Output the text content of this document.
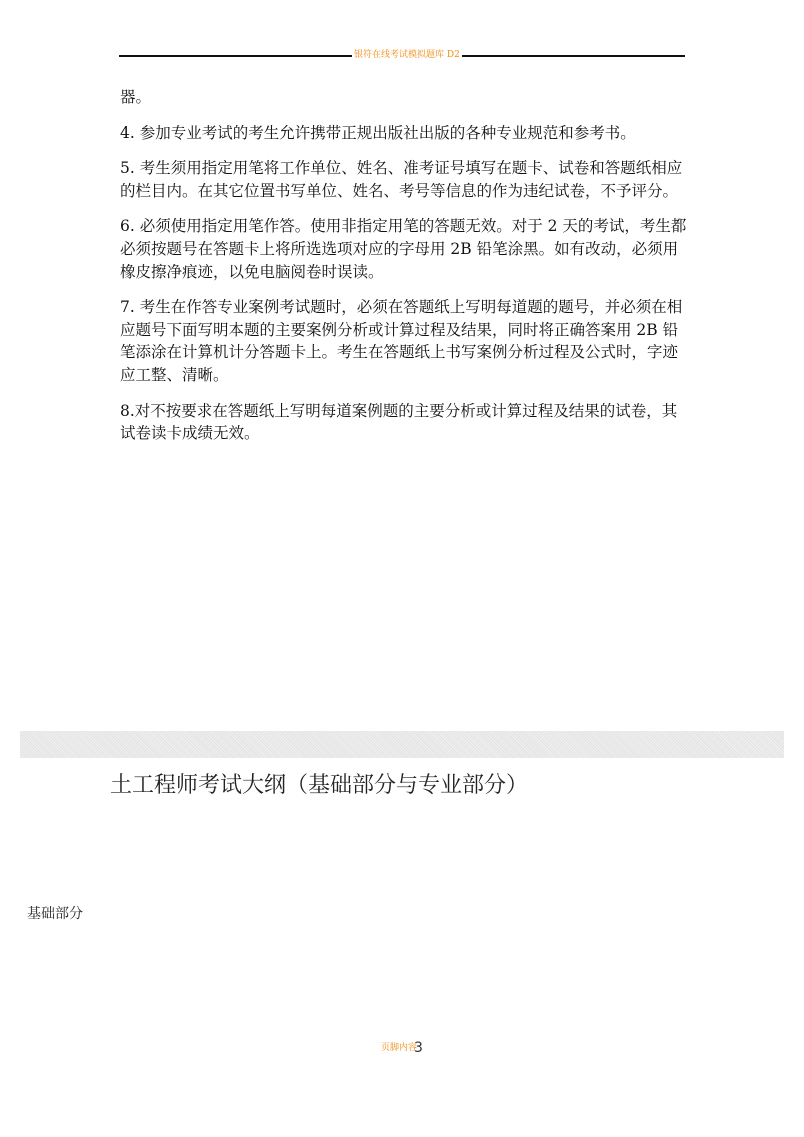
银符在线考试模拟题库 D2

器。

4. 参加专业考试的考生允许携带正规出版社出版的各种专业规范和参考书。

5. 考生须用指定用笔将工作单位、姓名、准考证号填写在题卡、试卷和答题纸相应的栏目内。在其它位置书写单位、姓名、考号等信息的作为违纪试卷，不予评分。

6. 必须使用指定用笔作答。使用非指定用笔的答题无效。对于 2 天的考试，考生都必须按题号在答题卡上将所选选项对应的字母用 2B 铅笔涂黑。如有改动，必须用橡皮擦净痕迹，以免电脑阅卷时误读。

7. 考生在作答专业案例考试题时，必须在答题纸上写明每道题的题号，并必须在相应题号下面写明本题的主要案例分析或计算过程及结果，同时将正确答案用 2B 铅笔添涂在计算机计分答题卡上。考生在答题纸上书写案例分析过程及公式时，字迹应工整、清晰。

8.对不按要求在答题纸上写明每道案例题的主要分析或计算过程及结果的试卷，其试卷读卡成绩无效。

土工程师考试大纲（基础部分与专业部分）
基础部分
页脚内容
3
